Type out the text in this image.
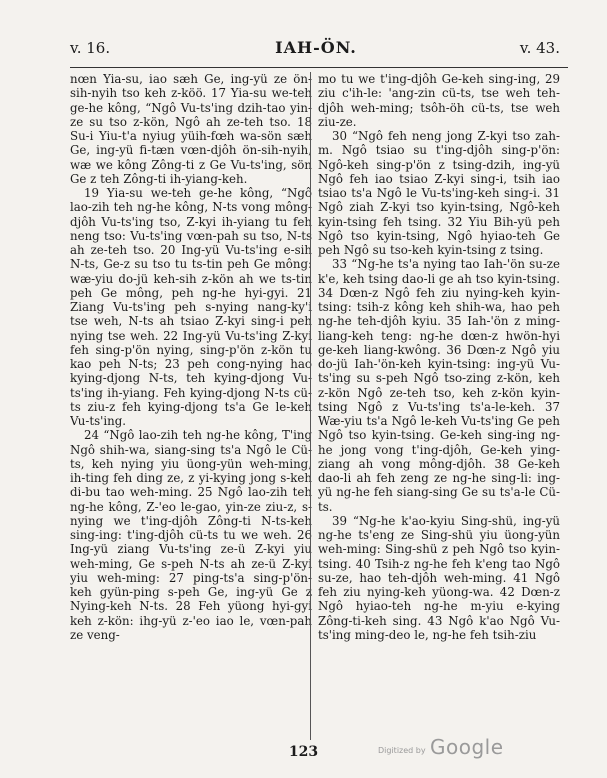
v. 16.	IAH-ÖN.	v. 43.

nœn Yia-su, iao sæh Ge, ing-yü ze ön-sih-nyih tso keh z-köö. 17 Yia-su we-teh ge-he kông, “Ngô Vu-ts'ing dzih-tao yin-ze su tso z-kön, Ngô ah ze-teh tso. 18 Su-i Yiu-t'a nyiug yüih-fœh wa-sön sæh Ge, ing-yü fi-tæn vœn-djôh ön-sih-nyih, wæ we kông Zông-ti z Ge Vu-ts'ing, sön Ge z teh Zông-ti ih-yiang-keh.

19 Yia-su we-teh ge-he kông, “Ngô lao-zih teh ng-he kông, N-ts vong mông-djôh Vu-ts'ing tso, Z-kyi ih-yiang tu feh neng tso: Vu-ts'ing vœn-pah su tso, N-ts ah ze-teh tso. 20 Ing-yü Vu-ts'ing e-sih N-ts, Ge-z su tso tu ts-tin peh Ge mông: wæ-yiu do-jü keh-sih z-kön ah we ts-tin peh Ge mông, peh ng-he hyi-gyi. 21 Ziang Vu-ts'ing peh s-nying nang-ky'i tse weh, N-ts ah tsiao Z-kyi sing-i peh nying tse weh. 22 Ing-yü Vu-ts'ing Z-kyi feh sing-p'ön nying, sing-p'ön z-kön tu kao peh N-ts; 23 peh cong-nying hao kying-djong N-ts, teh kying-djong Vu-ts'ing ih-yiang. Feh kying-djong N-ts cü-ts ziu-z feh kying-djong ts'a Ge le-keh Vu-ts'ing.

24 “Ngô lao-zih teh ng-he kông, T'ing Ngô shih-wa, siang-sing ts'a Ngô le Cü-ts, keh nying yiu üong-yün weh-ming, ih-ting feh ding ze, z yi-kying jong s-keh di-bu tao weh-ming. 25 Ngô lao-zih teh ng-he kông, Z-'eo le-gao, yin-ze ziu-z, s-nying we t'ing-djôh Zông-ti N-ts-keh sing-ing: t'ing-djôh cü-ts tu we weh. 26 Ing-yü ziang Vu-ts'ing ze-ü Z-kyi yiu weh-ming, Ge s-peh N-ts ah ze-ü Z-kyi yiu weh-ming: 27 ping-ts'a sing-p'ön-keh gyün-ping s-peh Ge, ing-yü Ge z Nying-keh N-ts. 28 Feh yüong hyi-gyi keh z-kön: ihg-yü z-'eo iao le, vœn-pah ze veng-

mo tu we t'ing-djôh Ge-keh sing-ing, 29 ziu c'ih-le: 'ang-zin cü-ts, tse weh teh-djôh weh-ming; tsôh-öh cü-ts, tse weh ziu-ze.

30 “Ngô feh neng jong Z-kyi tso zah-m. Ngô tsiao su t'ing-djôh sing-p'ön: Ngô-keh sing-p'ön z tsing-dzih, ing-yü Ngô feh iao tsiao Z-kyi sing-i, tsih iao tsiao ts'a Ngô le Vu-ts'ing-keh sing-i. 31 Ngô ziah Z-kyi tso kyin-tsing, Ngô-keh kyin-tsing feh tsing. 32 Yiu Bih-yü peh Ngô tso kyin-tsing, Ngô hyiao-teh Ge peh Ngô su tso-keh kyin-tsing z tsing.

33 “Ng-he ts'a nying tao Iah-'ön su-ze k'e, keh tsing dao-li ge ah tso kyin-tsing. 34 Dœn-z Ngô feh ziu nying-keh kyin-tsing: tsih-z kông keh shih-wa, hao peh ng-he teh-djôh kyiu. 35 Iah-'ön z ming-liang-keh teng: ng-he dœn-z hwön-hyi ge-keh liang-kwông. 36 Dœn-z Ngô yiu do-jü Iah-'ön-keh kyin-tsing: ing-yü Vu-ts'ing su s-peh Ngô tso-zing z-kön, keh z-kön Ngô ze-teh tso, keh z-kön kyin-tsing Ngô z Vu-ts'ing ts'a-le-keh. 37 Wæ-yiu ts'a Ngô le-keh Vu-ts'ing Ge peh Ngô tso kyin-tsing. Ge-keh sing-ing ng-he jong vong t'ing-djôh, Ge-keh ying-ziang ah vong mông-djôh. 38 Ge-keh dao-li ah feh zeng ze ng-he sing-li: ing-yü ng-he feh siang-sing Ge su ts'a-le Cü-ts.

39 “Ng-he k'ao-kyiu Sing-shü, ing-yü ng-he ts'eng ze Sing-shü yiu üong-yün weh-ming: Sing-shü z peh Ngô tso kyin-tsing. 40 Tsih-z ng-he feh k'eng tao Ngô su-ze, hao teh-djôh weh-ming. 41 Ngô feh ziu nying-keh yüong-wa. 42 Dœn-z Ngô hyiao-teh ng-he m-yiu e-kying Zông-ti-keh sing. 43 Ngô k'ao Ngô Vu-ts'ing ming-deo le, ng-he feh tsih-ziu

123	Digitized by Google
